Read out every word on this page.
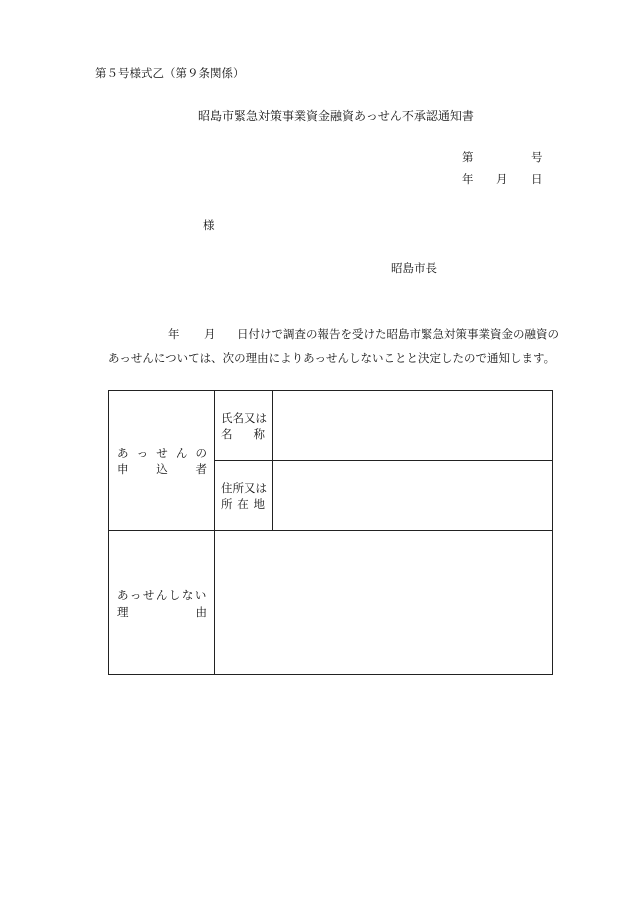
第５号様式乙（第９条関係）
昭島市緊急対策事業資金融資あっせん不承認通知書
第	号
年 月 日
様
昭島市長
年 月 日付けで調査の報告を受けた昭島市緊急対策事業資金の融資の
あっせんについては、次の理由によりあっせんしないことと決定したので通知します。
あ っ せ ん の
申 込 者
氏名又は
名 称
住所又は
所 在 地
あっせんしない
理	由
